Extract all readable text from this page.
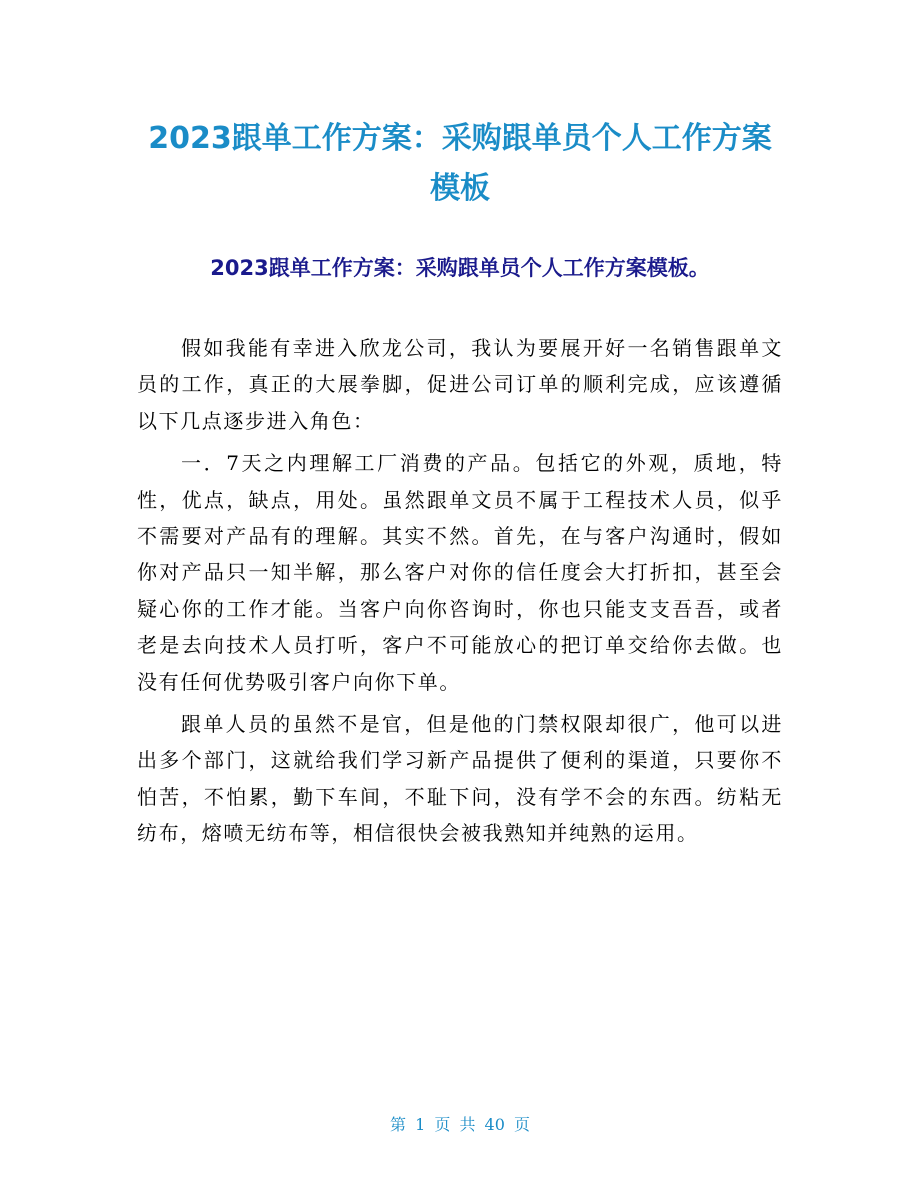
2023跟单工作方案：采购跟单员个人工作方案
模板
2023跟单工作方案：采购跟单员个人工作方案模板。

假如我能有幸进入欣龙公司，我认为要展开好一名销售跟单文员的工作，真正的大展拳脚，促进公司订单的顺利完成，应该遵循以下几点逐步进入角色：

一．7天之内理解工厂消费的产品。包括它的外观，质地，特性，优点，缺点，用处。虽然跟单文员不属于工程技术人员，似乎不需要对产品有的理解。其实不然。首先，在与客户沟通时，假如你对产品只一知半解，那么客户对你的信任度会大打折扣，甚至会疑心你的工作才能。当客户向你咨询时，你也只能支支吾吾，或者老是去向技术人员打听，客户不可能放心的把订单交给你去做。也没有任何优势吸引客户向你下单。

跟单人员的虽然不是官，但是他的门禁权限却很广，他可以进出多个部门，这就给我们学习新产品提供了便利的渠道，只要你不怕苦，不怕累，勤下车间，不耻下问，没有学不会的东西。纺粘无纺布，熔喷无纺布等，相信很快会被我熟知并纯熟的运用。

第 1 页 共 40 页
